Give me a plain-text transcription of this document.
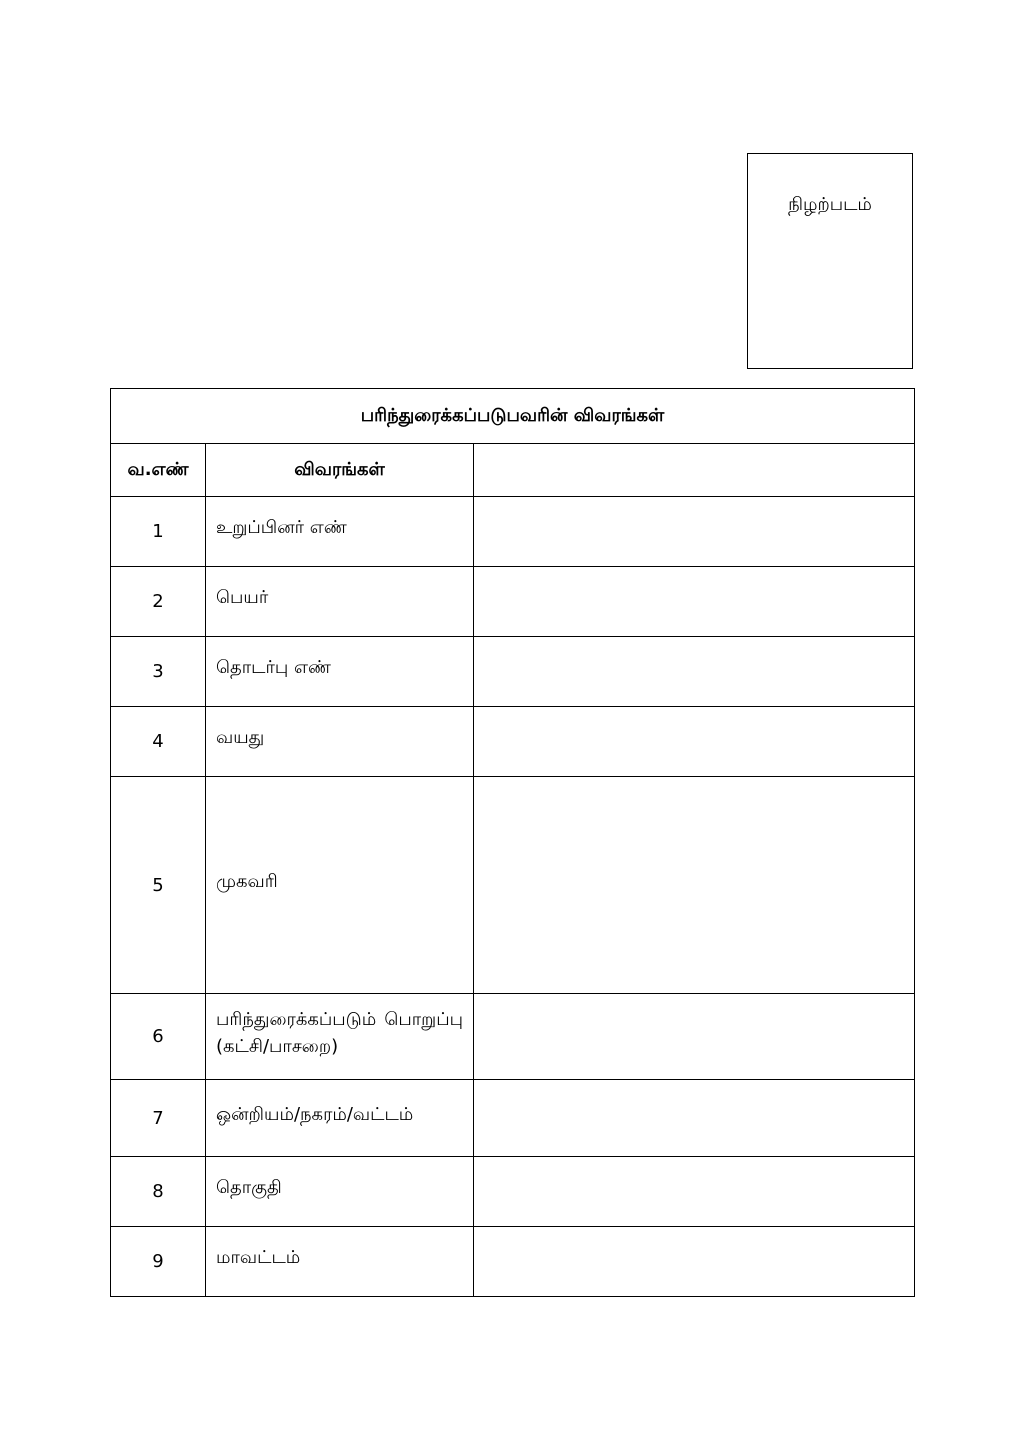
நிழற்படம்
பரிந்துரைக்கப்படுபவரின் விவரங்கள்		
வ.எண்	விவரங்கள்	
1	உறுப்பினர் எண்	

2	பெயர்	

3	தொடர்பு எண்	

4	வயது	

5	முகவரி	

6	பரிந்துரைக்கப்படும் பொறுப்பு (கட்சி/பாசறை)	

7	ஒன்றியம்/நகரம்/வட்டம்	

8	தொகுதி	

9	மாவட்டம்	
